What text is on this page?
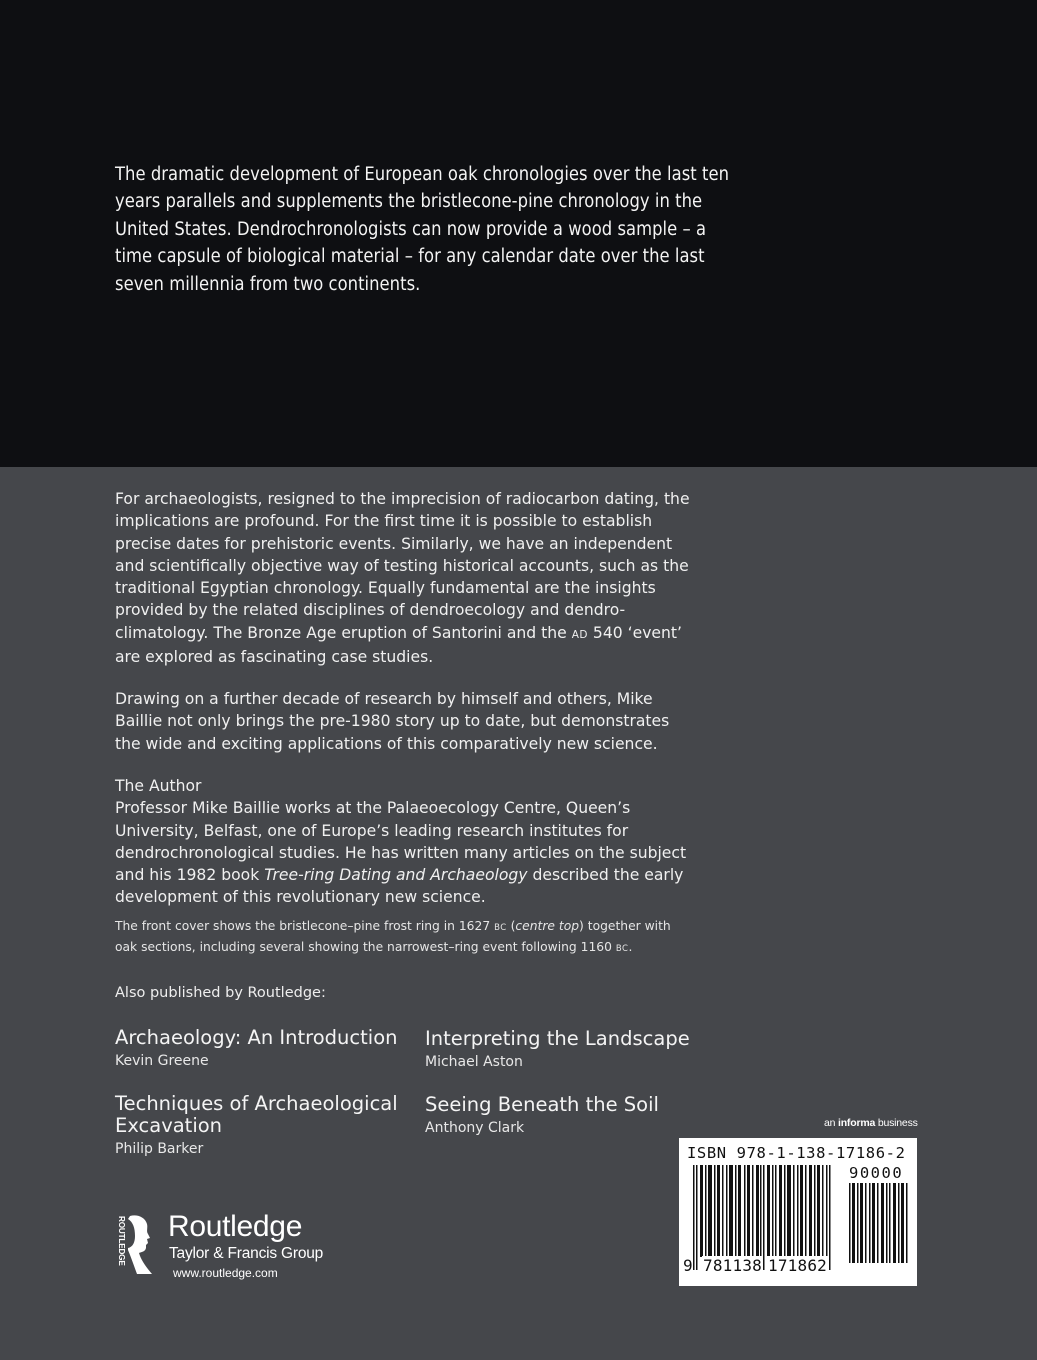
The dramatic development of European oak chronologies over the last ten
years parallels and supplements the bristlecone-pine chronology in the
United States. Dendrochronologists can now provide a wood sample – a
time capsule of biological material – for any calendar date over the last
seven millennia from two continents.
For archaeologists, resigned to the imprecision of radiocarbon dating, the
implications are profound. For the first time it is possible to establish
precise dates for prehistoric events. Similarly, we have an independent
and scientifically objective way of testing historical accounts, such as the
traditional Egyptian chronology. Equally fundamental are the insights
provided by the related disciplines of dendroecology and dendro-
climatology. The Bronze Age eruption of Santorini and the AD 540 ‘event’
are explored as fascinating case studies.
Drawing on a further decade of research by himself and others, Mike
Baillie not only brings the pre-1980 story up to date, but demonstrates
the wide and exciting applications of this comparatively new science.
The Author
Professor Mike Baillie works at the Palaeoecology Centre, Queen’s
University, Belfast, one of Europe’s leading research institutes for
dendrochronological studies. He has written many articles on the subject
and his 1982 book Tree-ring Dating and Archaeology described the early
development of this revolutionary new science.
The front cover shows the bristlecone–pine frost ring in 1627 BC (centre top) together with
oak sections, including several showing the narrowest–ring event following 1160 BC.
Also published by Routledge:
Archaeology: An Introduction
Kevin Greene
Interpreting the Landscape
Michael Aston
Techniques of Archaeological
Excavation
Philip Barker
Seeing Beneath the Soil
Anthony Clark
ROUTLEDGE Routledge
Taylor & Francis Group
www.routledge.com
an informa business
ISBN 978-1-138-17186-2
90000
9 781138 171862
